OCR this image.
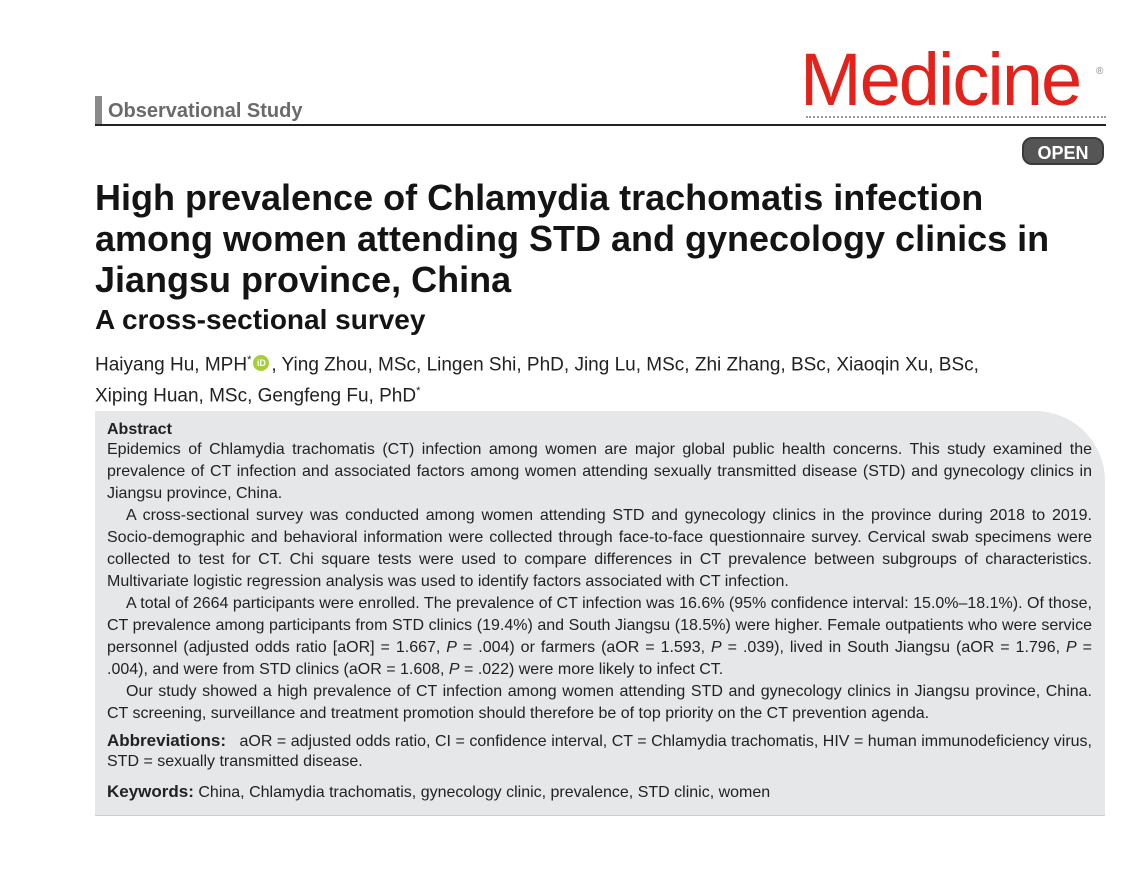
Observational Study	Medicine ®
OPEN
High prevalence of Chlamydia trachomatis infection among women attending STD and gynecology clinics in Jiangsu province, China
A cross-sectional survey
Haiyang Hu, MPH* iD , Ying Zhou, MSc, Lingen Shi, PhD, Jing Lu, MSc, Zhi Zhang, BSc, Xiaoqin Xu, BSc,
Xiping Huan, MSc, Gengfeng Fu, PhD*
Abstract

Epidemics of Chlamydia trachomatis (CT) infection among women are major global public health concerns. This study examined the prevalence of CT infection and associated factors among women attending sexually transmitted disease (STD) and gynecology clinics in Jiangsu province, China.

A cross-sectional survey was conducted among women attending STD and gynecology clinics in the province during 2018 to 2019. Socio-demographic and behavioral information were collected through face-to-face questionnaire survey. Cervical swab specimens were collected to test for CT. Chi square tests were used to compare differences in CT prevalence between subgroups of characteristics. Multivariate logistic regression analysis was used to identify factors associated with CT infection.

A total of 2664 participants were enrolled. The prevalence of CT infection was 16.6% (95% confidence interval: 15.0%–18.1%). Of those, CT prevalence among participants from STD clinics (19.4%) and South Jiangsu (18.5%) were higher. Female outpatients who were service personnel (adjusted odds ratio [aOR] = 1.667, P = .004) or farmers (aOR = 1.593, P = .039), lived in South Jiangsu (aOR = 1.796, P = .004), and were from STD clinics (aOR = 1.608, P = .022) were more likely to infect CT.

Our study showed a high prevalence of CT infection among women attending STD and gynecology clinics in Jiangsu province, China. CT screening, surveillance and treatment promotion should therefore be of top priority on the CT prevention agenda.

Abbreviations: aOR = adjusted odds ratio, CI = confidence interval, CT = Chlamydia trachomatis, HIV = human immunodeficiency virus, STD = sexually transmitted disease.

Keywords: China, Chlamydia trachomatis, gynecology clinic, prevalence, STD clinic, women
